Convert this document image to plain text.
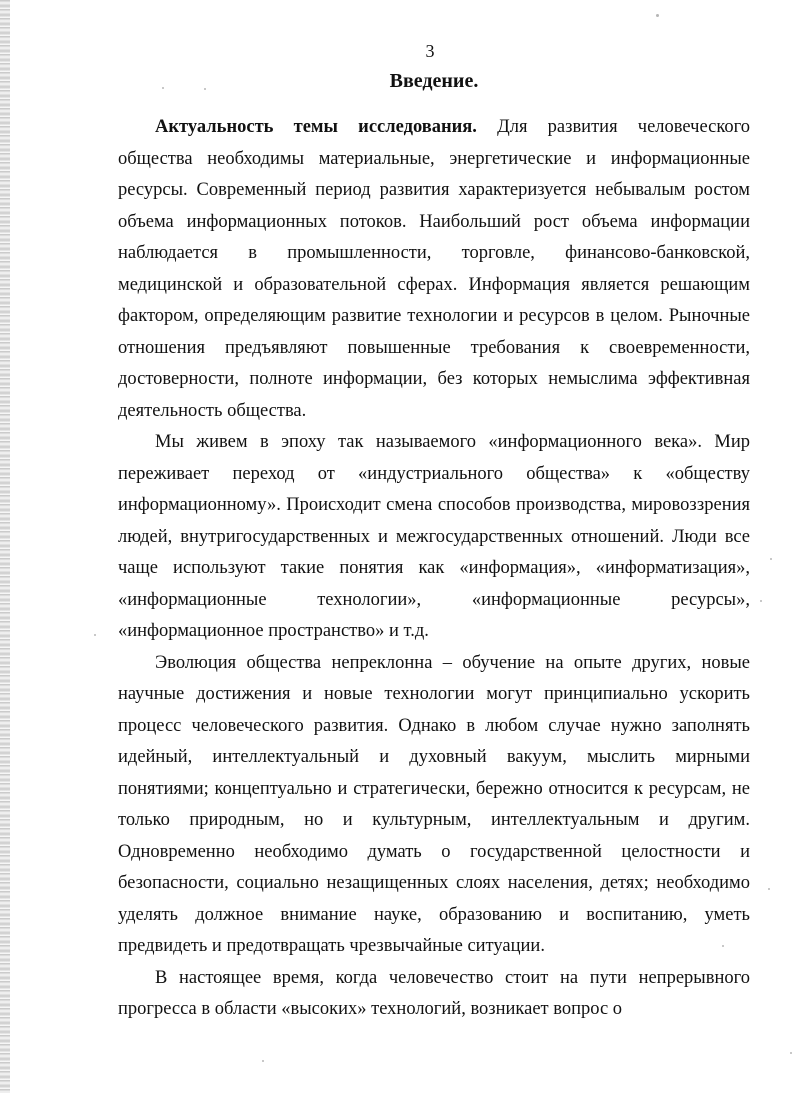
3
Введение.

Актуальность темы исследования. Для развития человеческого общества необходимы материальные, энергетические и информационные ресурсы. Современный период развития характеризуется небывалым ростом объема информационных потоков. Наибольший рост объема информации наблюдается в промышленности, торговле, финансово-банковской, медицинской и образовательной сферах. Информация является решающим фактором, определяющим развитие технологии и ресурсов в целом. Рыночные отношения предъявляют повышенные требования к своевременности, достоверности, полноте информации, без которых немыслима эффективная деятельность общества.

Мы живем в эпоху так называемого «информационного века». Мир переживает переход от «индустриального общества» к «обществу информационному». Происходит смена способов производства, мировоззрения людей, внутригосударственных и межгосударственных отношений. Люди все чаще используют такие понятия как «информация», «информатизация», «информационные технологии», «информационные ресурсы», «информационное пространство» и т.д.

Эволюция общества непреклонна – обучение на опыте других, новые научные достижения и новые технологии могут принципиально ускорить процесс человеческого развития. Однако в любом случае нужно заполнять идейный, интеллектуальный и духовный вакуум, мыслить мирными понятиями; концептуально и стратегически, бережно относится к ресурсам, не только природным, но и культурным, интеллектуальным и другим. Одновременно необходимо думать о государственной целостности и безопасности, социально незащищенных слоях населения, детях; необходимо уделять должное внимание науке, образованию и воспитанию, уметь предвидеть и предотвращать чрезвычайные ситуации.

В настоящее время, когда человечество стоит на пути непрерывного прогресса в области «высоких» технологий, возникает вопрос о
